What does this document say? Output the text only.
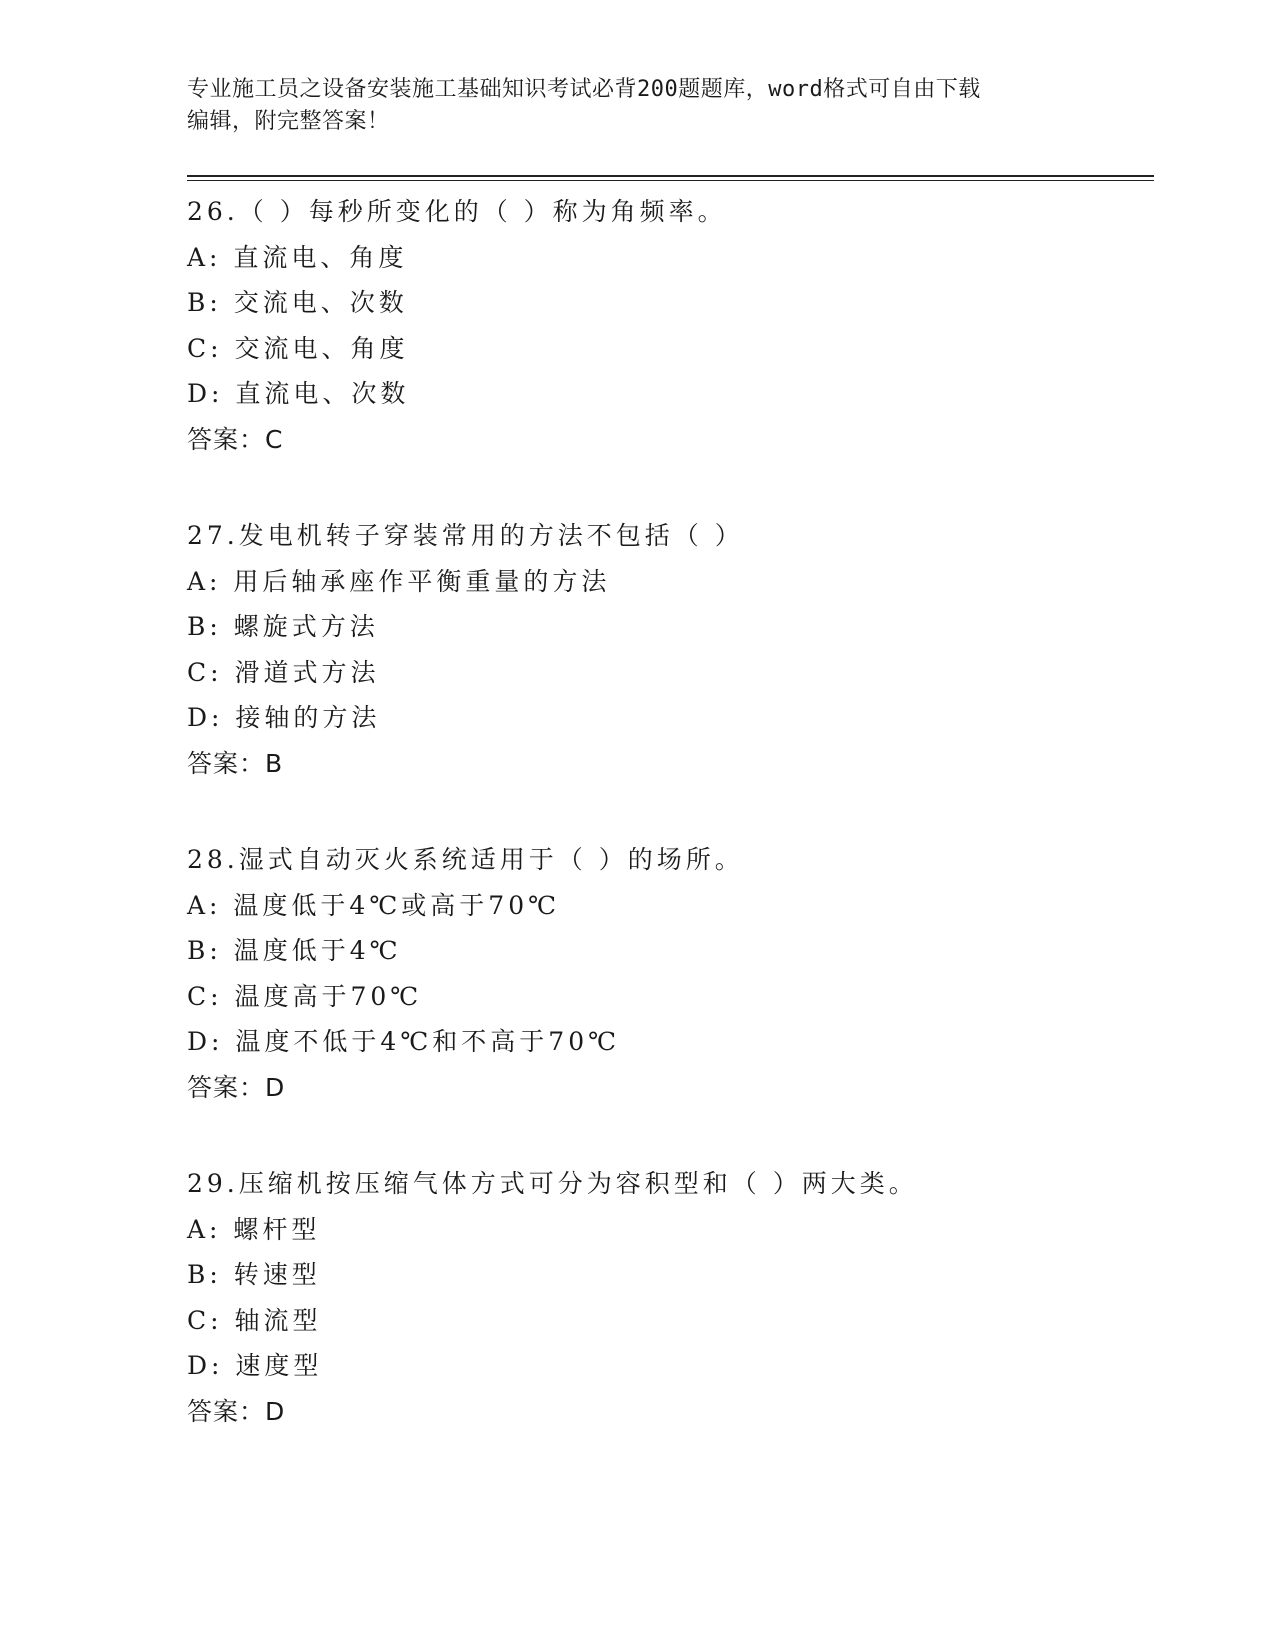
专业施工员之设备安装施工基础知识考试必背200题题库，word格式可自由下载

编辑，附完整答案！

26.（ ）每秒所变化的（ ）称为角频率。
A: 直流电、角度
B: 交流电、次数
C: 交流电、角度
D: 直流电、次数
答案：C
27.发电机转子穿装常用的方法不包括（ ）
A: 用后轴承座作平衡重量的方法
B: 螺旋式方法
C: 滑道式方法
D: 接轴的方法
答案：B
28.湿式自动灭火系统适用于（ ）的场所。
A: 温度低于4℃或高于70℃
B: 温度低于4℃
C: 温度高于70℃
D: 温度不低于4℃和不高于70℃
答案：D
29.压缩机按压缩气体方式可分为容积型和（ ）两大类。
A: 螺杆型
B: 转速型
C: 轴流型
D: 速度型
答案：D
